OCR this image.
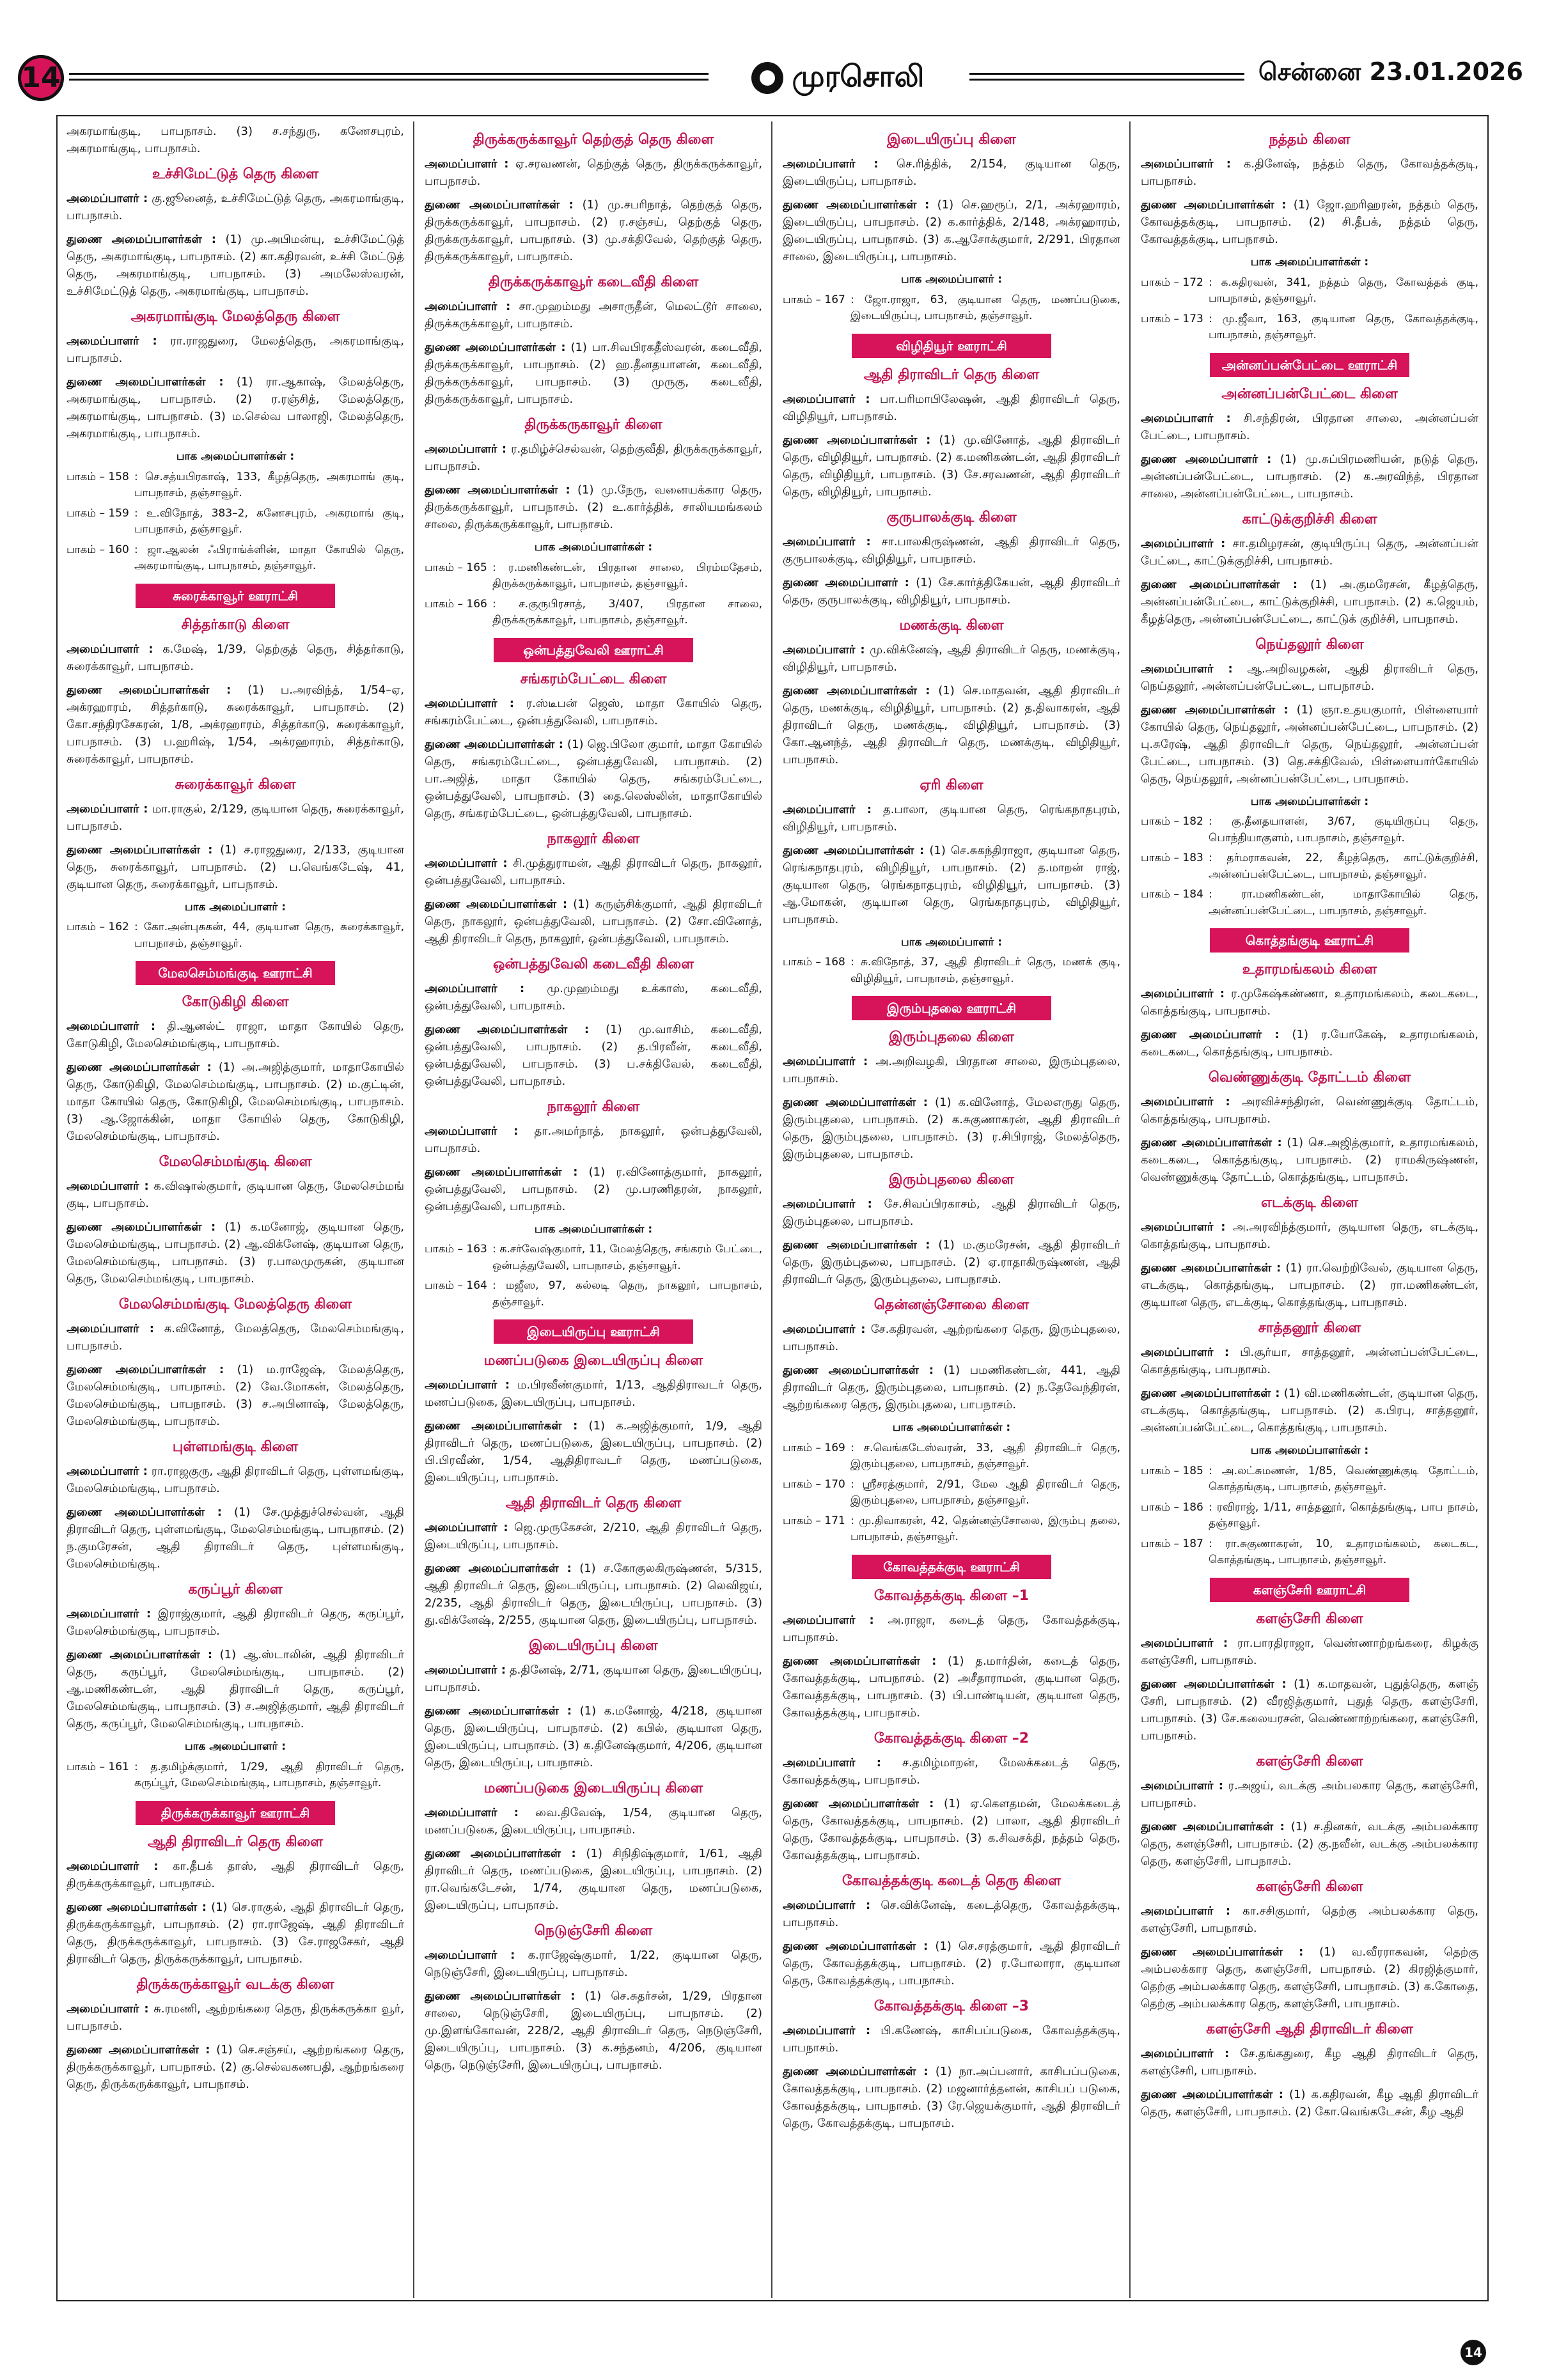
14	முரசொலி	சென்னை 23.01.2026

அகரமாங்குடி, பாபநாசம். (3) ச.சந்துரு, கணேசபுரம், அகரமாங்குடி, பாபநாசம்.

உச்சிமேட்டுத் தெரு கிளை

அமைப்பாளர் : கு.ஜூனைத், உச்சிமேட்டுத் தெரு, அகரமாங்குடி, பாபநாசம்.

துணை அமைப்பாளர்கள் : (1) மு.அபிமன்யு, உச்சிமேட்டுத் தெரு, அகரமாங்குடி, பாபநாசம். (2) கா.கதிரவன், உச்சி மேட்டுத் தெரு, அகரமாங்குடி, பாபநாசம். (3) அமலேஸ்வரன், உச்சிமேட்டுத் தெரு, அகரமாங்குடி, பாபநாசம்.

அகரமாங்குடி மேலத்தெரு கிளை

அமைப்பாளர் : ரா.ராஜதுரை, மேலத்தெரு, அகரமாங்குடி, பாபநாசம்.

துணை அமைப்பாளர்கள் : (1) ரா.ஆகாஷ், மேலத்தெரு, அகரமாங்குடி, பாபநாசம். (2) ர.ரஞ்சித், மேலத்தெரு, அகரமாங்குடி, பாபநாசம். (3) ம.செல்வ பாலாஜி, மேலத்தெரு, அகரமாங்குடி, பாபநாசம்.

பாக அமைப்பாளர்கள் :
பாகம் – 158 : செ.சத்யபிரகாஷ், 133, கீழத்தெரு, அகரமாங் குடி, பாபநாசம், தஞ்சாவூர்.
பாகம் – 159 : உ.விநோத், 383–2, கணேசபுரம், அகரமாங் குடி, பாபநாசம், தஞ்சாவூர்.
பாகம் – 160 : ஜா.ஆலன் ஃபிராங்க்ளின், மாதா கோயில் தெரு, அகரமாங்குடி, பாபநாசம், தஞ்சாவூர்.
சுரைக்காவூர் ஊராட்சி
சித்தர்காடு கிளை

அமைப்பாளர் : க.மேஷ், 1/39, தெற்குத் தெரு, சித்தர்காடு, சுரைக்காவூர், பாபநாசம்.

துணை அமைப்பாளர்கள் : (1) ப.அரவிந்த், 1/54–ஏ, அக்ரஹாரம், சித்தர்காடு, சுரைக்காவூர், பாபநாசம். (2) கோ.சந்திரசேகரன், 1/8, அக்ரஹாரம், சித்தர்காடு, சுரைக்காவூர், பாபநாசம். (3) ப.ஹரிஷ், 1/54, அக்ரஹாரம், சித்தர்காடு, சுரைக்காவூர், பாபநாசம்.

சுரைக்காவூர் கிளை

அமைப்பாளர் : மா.ராகுல், 2/129, குடியான தெரு, சுரைக்காவூர், பாபநாசம்.

துணை அமைப்பாளர்கள் : (1) ச.ராஜதுரை, 2/133, குடியான தெரு, சுரைக்காவூர், பாபநாசம். (2) ப.வெங்கடேஷ், 41, குடியான தெரு, சுரைக்காவூர், பாபநாசம்.

பாக அமைப்பாளர் :
பாகம் – 162 : கோ.அன்புசுகன், 44, குடியான தெரு, சுரைக்காவூர், பாபநாசம், தஞ்சாவூர்.
மேலசெம்மங்குடி ஊராட்சி
கோடுகிழி கிளை

அமைப்பாளர் : தி.ஆனல்ட் ராஜா, மாதா கோயில் தெரு, கோடுகிழி, மேலசெம்மங்குடி, பாபநாசம்.

துணை அமைப்பாளர்கள் : (1) அ.அஜித்குமார், மாதாகோயில் தெரு, கோடுகிழி, மேலசெம்மங்குடி, பாபநாசம். (2) ம.குட்டின், மாதா கோயில் தெரு, கோடுகிழி, மேலசெம்மங்குடி, பாபநாசம். (3) ஆ.ஜோக்கின், மாதா கோயில் தெரு, கோடுகிழி, மேலசெம்மங்குடி, பாபநாசம்.

மேலசெம்மங்குடி கிளை

அமைப்பாளர் : க.விஷால்குமார், குடியான தெரு, மேலசெம்மங் குடி, பாபநாசம்.

துணை அமைப்பாளர்கள் : (1) க.மனோஜ், குடியான தெரு, மேலசெம்மங்குடி, பாபநாசம். (2) ஆ.விக்னேஷ், குடியான தெரு, மேலசெம்மங்குடி, பாபநாசம். (3) ர.பாலமுருகன், குடியான தெரு, மேலசெம்மங்குடி, பாபநாசம்.

மேலசெம்மங்குடி மேலத்தெரு கிளை

அமைப்பாளர் : க.வினோத், மேலத்தெரு, மேலசெம்மங்குடி, பாபநாசம்.

துணை அமைப்பாளர்கள் : (1) ம.ராஜேஷ், மேலத்தெரு, மேலசெம்மங்குடி, பாபநாசம். (2) வே.மோகன், மேலத்தெரு, மேலசெம்மங்குடி, பாபநாசம். (3) ச.அபினாஷ், மேலத்தெரு, மேலசெம்மங்குடி, பாபநாசம்.

புள்ளமங்குடி கிளை

அமைப்பாளர் : ரா.ராஜகுரு, ஆதி திராவிடர் தெரு, புள்ளமங்குடி, மேலசெம்மங்குடி, பாபநாசம்.

துணை அமைப்பாளர்கள் : (1) சே.முத்துச்செல்வன், ஆதி திராவிடர் தெரு, புள்ளமங்குடி, மேலசெம்மங்குடி, பாபநாசம். (2) ந.குமரேசன், ஆதி திராவிடர் தெரு, புள்ளமங்குடி, மேலசெம்மங்குடி.

கருப்பூர் கிளை

அமைப்பாளர் : இராஜ்குமார், ஆதி திராவிடர் தெரு, கருப்பூர், மேலசெம்மங்குடி, பாபநாசம்.

துணை அமைப்பாளர்கள் : (1) ஆ.ஸ்டாலின், ஆதி திராவிடர் தெரு, கருப்பூர், மேலசெம்மங்குடி, பாபநாசம். (2) ஆ.மணிகண்டன், ஆதி திராவிடர் தெரு, கருப்பூர், மேலசெம்மங்குடி, பாபநாசம். (3) ச.அஜித்குமார், ஆதி திராவிடர் தெரு, கருப்பூர், மேலசெம்மங்குடி, பாபநாசம்.

பாக அமைப்பாளர் :
பாகம் – 161 : த.தமிழ்க்குமார், 1/29, ஆதி திராவிடர் தெரு, கருப்பூர், மேலசெம்மங்குடி, பாபநாசம், தஞ்சாவூர்.
திருக்கருக்காவூர் ஊராட்சி
ஆதி திராவிடர் தெரு கிளை

அமைப்பாளர் : கா.தீபக் தாஸ், ஆதி திராவிடர் தெரு, திருக்கருக்காவூர், பாபநாசம்.

துணை அமைப்பாளர்கள் : (1) செ.ராகுல், ஆதி திராவிடர் தெரு, திருக்கருக்காவூர், பாபநாசம். (2) ரா.ராஜேஷ், ஆதி திராவிடர் தெரு, திருக்கருக்காவூர், பாபநாசம். (3) சே.ராஜசேகர், ஆதி திராவிடர் தெரு, திருக்கருக்காவூர், பாபநாசம்.

திருக்கருக்காவூர் வடக்கு கிளை

அமைப்பாளர் : சு.ரமணி, ஆற்றங்கரை தெரு, திருக்கருக்கா வூர், பாபநாசம்.

துணை அமைப்பாளர்கள் : (1) செ.சஞ்சய், ஆற்றங்கரை தெரு, திருக்கருக்காவூர், பாபநாசம். (2) கு.செல்வகணபதி, ஆற்றங்கரை தெரு, திருக்கருக்காவூர், பாபநாசம்.

திருக்கருக்காவூர் தெற்குத் தெரு கிளை

அமைப்பாளர் : ஏ.சரவணன், தெற்குத் தெரு, திருக்கருக்காவூர், பாபநாசம்.

துணை அமைப்பாளர்கள் : (1) மு.சபரிநாத், தெற்குத் தெரு, திருக்கருக்காவூர், பாபநாசம். (2) ர.சஞ்சய், தெற்குத் தெரு, திருக்கருக்காவூர், பாபநாசம். (3) மு.சக்திவேல், தெற்குத் தெரு, திருக்கருக்காவூர், பாபநாசம்.

திருக்கருக்காவூர் கடைவீதி கிளை

அமைப்பாளர் : சா.முஹம்மது அசாருதீன், மெலட்டூர் சாலை, திருக்கருக்காவூர், பாபநாசம்.

துணை அமைப்பாளர்கள் : (1) பா.சிவபிரகதீஸ்வரன், கடைவீதி, திருக்கருக்காவூர், பாபநாசம். (2) ஹ.தீனதயாளன், கடைவீதி, திருக்கருக்காவூர், பாபநாசம். (3) முருகு, கடைவீதி, திருக்கருக்காவூர், பாபநாசம்.

திருக்கருகாவூர் கிளை

அமைப்பாளர் : ர.தமிழ்ச்செல்வன், தெற்குவீதி, திருக்கருக்காவூர், பாபநாசம்.

துணை அமைப்பாளர்கள் : (1) மு.நேரு, வனையக்கார தெரு, திருக்கருக்காவூர், பாபநாசம். (2) உ.கார்த்திக், சாலியமங்கலம் சாலை, திருக்கருக்காவூர், பாபநாசம்.

பாக அமைப்பாளர்கள் :
பாகம் – 165 : ர.மணிகண்டன், பிரதான சாலை, பிரம்மதேசம், திருக்கருக்காவூர், பாபநாசம், தஞ்சாவூர்.
பாகம் – 166 : ச.குருபிரசாத், 3/407, பிரதான சாலை, திருக்கருக்காவூர், பாபநாசம், தஞ்சாவூர்.
ஒன்பத்துவேலி ஊராட்சி
சங்கரம்பேட்டை கிளை

அமைப்பாளர் : ர.ஸ்டீபன் ஜெஸ், மாதா கோயில் தெரு, சங்கரம்பேட்டை, ஒன்பத்துவேலி, பாபநாசம்.

துணை அமைப்பாளர்கள் : (1) ஜெ.பிலோ குமார், மாதா கோயில் தெரு, சங்கரம்பேட்டை, ஒன்பத்துவேலி, பாபநாசம். (2) பா.அஜித், மாதா கோயில் தெரு, சங்கரம்பேட்டை, ஒன்பத்துவேலி, பாபநாசம். (3) தை.லெஸ்லின், மாதாகோயில் தெரு, சங்கரம்பேட்டை, ஒன்பத்துவேலி, பாபநாசம்.

நாகலூர் கிளை

அமைப்பாளர் : சி.முத்துராமன், ஆதி திராவிடர் தெரு, நாகலூர், ஒன்பத்துவேலி, பாபநாசம்.

துணை அமைப்பாளர்கள் : (1) கருஞ்சிக்குமார், ஆதி திராவிடர் தெரு, நாகலூர், ஒன்பத்துவேலி, பாபநாசம். (2) சோ.வினோத், ஆதி திராவிடர் தெரு, நாகலூர், ஒன்பத்துவேலி, பாபநாசம்.

ஒன்பத்துவேலி கடைவீதி கிளை

அமைப்பாளர் : மு.முஹம்மது உக்காஸ், கடைவீதி, ஒன்பத்துவேலி, பாபநாசம்.

துணை அமைப்பாளர்கள் : (1) மு.வாசிம், கடைவீதி, ஒன்பத்துவேலி, பாபநாசம். (2) த.பிரவீன், கடைவீதி, ஒன்பத்துவேலி, பாபநாசம். (3) ப.சக்திவேல், கடைவீதி, ஒன்பத்துவேலி, பாபநாசம்.

நாகலூர் கிளை

அமைப்பாளர் : தா.அமர்நாத், நாகலூர், ஒன்பத்துவேலி, பாபநாசம்.

துணை அமைப்பாளர்கள் : (1) ர.வினோத்குமார், நாகலூர், ஒன்பத்துவேலி, பாபநாசம். (2) மு.பரணிதரன், நாகலூர், ஒன்பத்துவேலி, பாபநாசம்.

பாக அமைப்பாளர்கள் :
பாகம் – 163 : க.சர்வேஷ்குமார், 11, மேலத்தெரு, சங்கரம் பேட்டை, ஒன்பத்துவேலி, பாபநாசம், தஞ்சாவூர்.
பாகம் – 164 : மஜீஸ, 97, கல்லடி தெரு, நாகலூர், பாபநாசம், தஞ்சாவூர்.
இடையிருப்பு ஊராட்சி
மணப்படுகை இடையிருப்பு கிளை

அமைப்பாளர் : ம.பிரவீண்குமார், 1/13, ஆதிதிராவடர் தெரு, மணப்படுகை, இடையிருப்பு, பாபநாசம்.

துணை அமைப்பாளர்கள் : (1) க.அஜித்குமார், 1/9, ஆதி திராவிடர் தெரு, மணப்படுகை, இடையிருப்பு, பாபநாசம். (2) பி.பிரவீண், 1/54, ஆதிதிராவடர் தெரு, மணப்படுகை, இடையிருப்பு, பாபநாசம்.

ஆதி திராவிடர் தெரு கிளை

அமைப்பாளர் : ஜெ.முருகேசன், 2/210, ஆதி திராவிடர் தெரு, இடையிருப்பு, பாபநாசம்.

துணை அமைப்பாளர்கள் : (1) ச.கோகுலகிருஷ்ணன், 5/315, ஆதி திராவிடர் தெரு, இடையிருப்பு, பாபநாசம். (2) லெவிஜய், 2/235, ஆதி திராவிடர் தெரு, இடையிருப்பு, பாபநாசம். (3) து.விக்னேஷ், 2/255, குடியான தெரு, இடையிருப்பு, பாபநாசம்.

இடையிருப்பு கிளை

அமைப்பாளர் : த.தினேஷ், 2/71, குடியான தெரு, இடையிருப்பு, பாபநாசம்.

துணை அமைப்பாளர்கள் : (1) க.மனோஜ், 4/218, குடியான தெரு, இடையிருப்பு, பாபநாசம். (2) கபில், குடியான தெரு, இடையிருப்பு, பாபநாசம். (3) க.தினேஷ்குமார், 4/206, குடியான தெரு, இடையிருப்பு, பாபநாசம்.

மணப்படுகை இடையிருப்பு கிளை

அமைப்பாளர் : வை.திவேஷ், 1/54, குடியான தெரு, மணப்படுகை, இடையிருப்பு, பாபநாசம்.

துணை அமைப்பாளர்கள் : (1) சிநிதிஷ்குமார், 1/61, ஆதி திராவிடர் தெரு, மணப்படுகை, இடையிருப்பு, பாபநாசம். (2) ரா.வெங்கடேசன், 1/74, குடியான தெரு, மணப்படுகை, இடையிருப்பு, பாபநாசம்.

நெடுஞ்சேரி கிளை

அமைப்பாளர் : க.ராஜேஷ்குமார், 1/22, குடியான தெரு, நெடுஞ்சேரி, இடையிருப்பு, பாபநாசம்.

துணை அமைப்பாளர்கள் : (1) செ.சுதர்சன், 1/29, பிரதான சாலை, நெடுஞ்சேரி, இடையிருப்பு, பாபநாசம். (2) மு.இளங்கோவன், 228/2, ஆதி திராவிடர் தெரு, நெடுஞ்சேரி, இடையிருப்பு, பாபநாசம். (3) க.சந்தனம், 4/206, குடியான தெரு, நெடுஞ்சேரி, இடையிருப்பு, பாபநாசம்.

இடையிருப்பு கிளை

அமைப்பாளர் : செ.ரித்திக், 2/154, குடியான தெரு, இடையிருப்பு, பாபநாசம்.

துணை அமைப்பாளர்கள் : (1) செ.ஹரூப், 2/1, அக்ரஹாரம், இடையிருப்பு, பாபநாசம். (2) க.கார்த்திக், 2/148, அக்ரஹாரம், இடையிருப்பு, பாபநாசம். (3) க.ஆசோக்குமார், 2/291, பிரதான சாலை, இடையிருப்பு, பாபநாசம்.

பாக அமைப்பாளர் :
பாகம் – 167 : ஜோ.ராஜா, 63, குடியான தெரு, மணப்படுகை, இடையிருப்பு, பாபநாசம், தஞ்சாவூர்.
விழிதியூர் ஊராட்சி
ஆதி திராவிடர் தெரு கிளை

அமைப்பாளர் : பா.பரிமாபிலேஷன், ஆதி திராவிடர் தெரு, விழிதியூர், பாபநாசம்.

துணை அமைப்பாளர்கள் : (1) மு.வினோத், ஆதி திராவிடர் தெரு, விழிதியூர், பாபநாசம். (2) க.மணிகண்டன், ஆதி திராவிடர் தெரு, விழிதியூர், பாபநாசம். (3) சே.சரவணன், ஆதி திராவிடர் தெரு, விழிதியூர், பாபநாசம்.

குருபாலக்குடி கிளை

அமைப்பாளர் : சா.பாலகிருஷ்ணன், ஆதி திராவிடர் தெரு, குருபாலக்குடி, விழிதியூர், பாபநாசம்.

துணை அமைப்பாளர் : (1) சே.கார்த்திகேயன், ஆதி திராவிடர் தெரு, குருபாலக்குடி, விழிதியூர், பாபநாசம்.

மணக்குடி கிளை

அமைப்பாளர் : மு.விக்னேஷ், ஆதி திராவிடர் தெரு, மணக்குடி, விழிதியூர், பாபநாசம்.

துணை அமைப்பாளர்கள் : (1) செ.மாதவன், ஆதி திராவிடர் தெரு, மணக்குடி, விழிதியூர், பாபநாசம். (2) த.திவாகரன், ஆதி திராவிடர் தெரு, மணக்குடி, விழிதியூர், பாபநாசம். (3) கோ.ஆனந்த், ஆதி திராவிடர் தெரு, மணக்குடி, விழிதியூர், பாபநாசம்.

ஏரி கிளை

அமைப்பாளர் : த.பாலா, குடியான தெரு, ரெங்கநாதபுரம், விழிதியூர், பாபநாசம்.

துணை அமைப்பாளர்கள் : (1) செ.சுகந்திராஜா, குடியான தெரு, ரெங்கநாதபுரம், விழிதியூர், பாபநாசம். (2) த.மாறன் ராஜ், குடியான தெரு, ரெங்கநாதபுரம், விழிதியூர், பாபநாசம். (3) ஆ.மோகன், குடியான தெரு, ரெங்கநாதபுரம், விழிதியூர், பாபநாசம்.

பாக அமைப்பாளர் :
பாகம் – 168 : சு.விநோத், 37, ஆதி திராவிடர் தெரு, மணக் குடி, விழிதியூர், பாபநாசம், தஞ்சாவூர்.
இரும்புதலை ஊராட்சி
இரும்புதலை கிளை

அமைப்பாளர் : அ.அறிவழகி, பிரதான சாலை, இரும்புதலை, பாபநாசம்.

துணை அமைப்பாளர்கள் : (1) க.வினோத், மேலஎருது தெரு, இரும்புதலை, பாபநாசம். (2) க.சுகுணாகரன், ஆதி திராவிடர் தெரு, இரும்புதலை, பாபநாசம். (3) ர.சிபிராஜ், மேலத்தெரு, இரும்புதலை, பாபநாசம்.

இரும்புதலை கிளை

அமைப்பாளர் : சே.சிவப்பிரகாசம், ஆதி திராவிடர் தெரு, இரும்புதலை, பாபநாசம்.

துணை அமைப்பாளர்கள் : (1) ம.குமரேசன், ஆதி திராவிடர் தெரு, இரும்புதலை, பாபநாசம். (2) ஏ.ராதாகிருஷ்ணன், ஆதி திராவிடர் தெரு, இரும்புதலை, பாபநாசம்.

தென்னஞ்சோலை கிளை

அமைப்பாளர் : சே.கதிரவன், ஆற்றங்கரை தெரு, இரும்புதலை, பாபநாசம்.

துணை அமைப்பாளர்கள் : (1) பமணிகண்டன், 441, ஆதி திராவிடர் தெரு, இரும்புதலை, பாபநாசம். (2) ந.தேவேந்திரன், ஆற்றங்கரை தெரு, இரும்புதலை, பாபநாசம்.

பாக அமைப்பாளர்கள் :
பாகம் – 169 : ச.வெங்கடேஸ்வரன், 33, ஆதி திராவிடர் தெரு, இரும்புதலை, பாபநாசம், தஞ்சாவூர்.
பாகம் – 170 : ஸ்ரீசரத்குமார், 2/91, மேல ஆதி திராவிடர் தெரு, இரும்புதலை, பாபநாசம், தஞ்சாவூர்.
பாகம் – 171 : மு.திவாகரன், 42, தென்னஞ்சோலை, இரும்பு தலை, பாபநாசம், தஞ்சாவூர்.
கோவத்தக்குடி ஊராட்சி
கோவத்தக்குடி கிளை –1

அமைப்பாளர் : அ.ராஜா, கடைத் தெரு, கோவத்தக்குடி, பாபநாசம்.

துணை அமைப்பாளர்கள் : (1) த.மார்தின், கடைத் தெரு, கோவத்தக்குடி, பாபநாசம். (2) அசீதாராமன், குடியான தெரு, கோவத்தக்குடி, பாபநாசம். (3) பி.பாண்டியன், குடியான தெரு, கோவத்தக்குடி, பாபநாசம்.

கோவத்தக்குடி கிளை –2

அமைப்பாளர் : ச.தமிழ்மாறன், மேலக்கடைத் தெரு, கோவத்தக்குடி, பாபநாசம்.

துணை அமைப்பாளர்கள் : (1) ஏ.கௌதமன், மேலக்கடைத் தெரு, கோவத்தக்குடி, பாபநாசம். (2) பாலா, ஆதி திராவிடர் தெரு, கோவத்தக்குடி, பாபநாசம். (3) க.சிவசக்தி, நத்தம் தெரு, கோவத்தக்குடி, பாபநாசம்.

கோவத்தக்குடி கடைத் தெரு கிளை

அமைப்பாளர் : செ.விக்னேஷ், கடைத்தெரு, கோவத்தக்குடி, பாபநாசம்.

துணை அமைப்பாளர்கள் : (1) செ.சரத்குமார், ஆதி திராவிடர் தெரு, கோவத்தக்குடி, பாபநாசம். (2) ர.போலாரா, குடியான தெரு, கோவத்தக்குடி, பாபநாசம்.

கோவத்தக்குடி கிளை –3

அமைப்பாளர் : பி.கணேஷ், காசிபப்படுகை, கோவத்தக்குடி, பாபநாசம்.

துணை அமைப்பாளர்கள் : (1) நா.அப்பனார், காசிபப்படுகை, கோவத்தக்குடி, பாபநாசம். (2) மஜனார்த்தனன், காசிபப் படுகை, கோவத்தக்குடி, பாபநாசம். (3) ரே.ஜெயக்குமார், ஆதி திராவிடர் தெரு, கோவத்தக்குடி, பாபநாசம்.

நத்தம் கிளை

அமைப்பாளர் : க.தினேஷ், நத்தம் தெரு, கோவத்தக்குடி, பாபநாசம்.

துணை அமைப்பாளர்கள் : (1) ஜோ.ஹரிஹரன், நத்தம் தெரு, கோவத்தக்குடி, பாபநாசம். (2) சி.தீபக், நத்தம் தெரு, கோவத்தக்குடி, பாபநாசம்.

பாக அமைப்பாளர்கள் :
பாகம் – 172 : க.கதிரவன், 341, நத்தம் தெரு, கோவத்தக் குடி, பாபநாசம், தஞ்சாவூர்.
பாகம் – 173 : மு.ஜீவா, 163, குடியான தெரு, கோவத்தக்குடி, பாபநாசம், தஞ்சாவூர்.
அன்னப்பன்பேட்டை ஊராட்சி
அன்னப்பன்பேட்டை கிளை

அமைப்பாளர் : சி.சந்திரன், பிரதான சாலை, அன்னப்பன் பேட்டை, பாபநாசம்.

துணை அமைப்பாளர் : (1) மு.சுப்பிரமணியன், நடுத் தெரு, அன்னப்பன்பேட்டை, பாபநாசம். (2) க.அரவிந்த், பிரதான சாலை, அன்னப்பன்பேட்டை, பாபநாசம்.

காட்டுக்குறிச்சி கிளை

அமைப்பாளர் : சா.தமிழரசன், குடியிருப்பு தெரு, அன்னப்பன் பேட்டை, காட்டுக்குறிச்சி, பாபநாசம்.

துணை அமைப்பாளர்கள் : (1) அ.குமரேசன், கீழத்தெரு, அன்னப்பன்பேட்டை, காட்டுக்குறிச்சி, பாபநாசம். (2) க.ஜெயம், கீழத்தெரு, அன்னப்பன்பேட்டை, காட்டுக் குறிச்சி, பாபநாசம்.

நெய்தலூர் கிளை

அமைப்பாளர் : ஆ.அறிவழகன், ஆதி திராவிடர் தெரு, நெய்தலூர், அன்னப்பன்பேட்டை, பாபநாசம்.

துணை அமைப்பாளர்கள் : (1) ஞா.உதயகுமார், பிள்ளையார் கோயில் தெரு, நெய்தலூர், அன்னப்பன்பேட்டை, பாபநாசம். (2) பு.சுரேஷ், ஆதி திராவிடர் தெரு, நெய்தலூர், அன்னப்பன் பேட்டை, பாபநாசம். (3) தெ.சக்திவேல், பிள்ளையார்கோயில் தெரு, நெய்தலூர், அன்னப்பன்பேட்டை, பாபநாசம்.

பாக அமைப்பாளர்கள் :
பாகம் – 182 : கு.தீனதயாளன், 3/67, குடியிருப்பு தெரு, பொந்தியாகுளம், பாபநாசம், தஞ்சாவூர்.
பாகம் – 183 : தர்மராகவன், 22, கீழத்தெரு, காட்டுக்குறிச்சி, அன்னப்பன்பேட்டை, பாபநாசம், தஞ்சாவூர்.
பாகம் – 184 : ரா.மணிகண்டன், மாதாகோயில் தெரு, அன்னப்பன்பேட்டை, பாபநாசம், தஞ்சாவூர்.
கொத்தங்குடி ஊராட்சி
உதாரமங்கலம் கிளை

அமைப்பாளர் : ர.முகேஷ்கண்ணா, உதாரமங்கலம், கடைகடை, கொத்தங்குடி, பாபநாசம்.

துணை அமைப்பாளர் : (1) ர.யோகேஷ், உதாரமங்கலம், கடைகடை, கொத்தங்குடி, பாபநாசம்.

வெண்ணுக்குடி தோட்டம் கிளை

அமைப்பாளர் : அரவிச்சந்திரன், வெண்ணுக்குடி தோட்டம், கொத்தங்குடி, பாபநாசம்.

துணை அமைப்பாளர்கள் : (1) செ.அஜித்குமார், உதாரமங்கலம், கடைகடை, கொத்தங்குடி, பாபநாசம். (2) ராமகிருஷ்ணன், வெண்ணுக்குடி தோட்டம், கொத்தங்குடி, பாபநாசம்.

எடக்குடி கிளை

அமைப்பாளர் : அ.அரவிந்த்குமார், குடியான தெரு, எடக்குடி, கொத்தங்குடி, பாபநாசம்.

துணை அமைப்பாளர்கள் : (1) ரா.வெற்றிவேல், குடியான தெரு, எடக்குடி, கொத்தங்குடி, பாபநாசம். (2) ரா.மணிகண்டன், குடியான தெரு, எடக்குடி, கொத்தங்குடி, பாபநாசம்.

சாத்தனூர் கிளை

அமைப்பாளர் : பி.சூர்யா, சாத்தனூர், அன்னப்பன்பேட்டை, கொத்தங்குடி, பாபநாசம்.

துணை அமைப்பாளர்கள் : (1) வி.மணிகண்டன், குடியான தெரு, எடக்குடி, கொத்தங்குடி, பாபநாசம். (2) க.பிரபு, சாத்தனூர், அன்னப்பன்பேட்டை, கொத்தங்குடி, பாபநாசம்.

பாக அமைப்பாளர்கள் :
பாகம் – 185 : அ.லட்சுமணன், 1/85, வெண்ணுக்குடி தோட்டம், கொத்தங்குடி, பாபநாசம், தஞ்சாவூர்.
பாகம் – 186 : ரவிராஜ், 1/11, சாத்தனூர், கொத்தங்குடி, பாப நாசம், தஞ்சாவூர்.
பாகம் – 187 : ரா.சுகுணாகரன், 10, உதாரமங்கலம், கடைகட, கொத்தங்குடி, பாபநாசம், தஞ்சாவூர்.
களஞ்சேரி ஊராட்சி
களஞ்சேரி கிளை

அமைப்பாளர் : ரா.பாரதிராஜா, வெண்ணாற்றங்கரை, கிழக்கு களஞ்சேரி, பாபநாசம்.

துணை அமைப்பாளர்கள் : (1) க.மாதவன், புதுத்தெரு, களஞ் சேரி, பாபநாசம். (2) வீரஜித்குமார், புதுத் தெரு, களஞ்சேரி, பாபநாசம். (3) சே.கலையரசன், வெண்ணாற்றங்கரை, களஞ்சேரி, பாபநாசம்.

களஞ்சேரி கிளை

அமைப்பாளர் : ர.அஜய், வடக்கு அம்பலகார தெரு, களஞ்சேரி, பாபநாசம்.

துணை அமைப்பாளர்கள் : (1) ச.தினகர், வடக்கு அம்பலக்கார தெரு, களஞ்சேரி, பாபநாசம். (2) கு.நவீன், வடக்கு அம்பலக்கார தெரு, களஞ்சேரி, பாபநாசம்.

களஞ்சேரி கிளை

அமைப்பாளர் : கா.சசிகுமார், தெற்கு அம்பலக்கார தெரு, களஞ்சேரி, பாபநாசம்.

துணை அமைப்பாளர்கள் : (1) வ.வீரராகவன், தெற்கு அம்பலக்கார தெரு, களஞ்சேரி, பாபநாசம். (2) கிரஜித்குமார், தெற்கு அம்பலக்கார தெரு, களஞ்சேரி, பாபநாசம். (3) க.கோதை, தெற்கு அம்பலக்கார தெரு, களஞ்சேரி, பாபநாசம்.

களஞ்சேரி ஆதி திராவிடர் கிளை

அமைப்பாளர் : சே.தங்கதுரை, கீழ ஆதி திராவிடர் தெரு, களஞ்சேரி, பாபநாசம்.

துணை அமைப்பாளர்கள் : (1) க.கதிரவன், கீழ ஆதி திராவிடர் தெரு, களஞ்சேரி, பாபநாசம். (2) கோ.வெங்கடேசன், கீழ ஆதி

14
